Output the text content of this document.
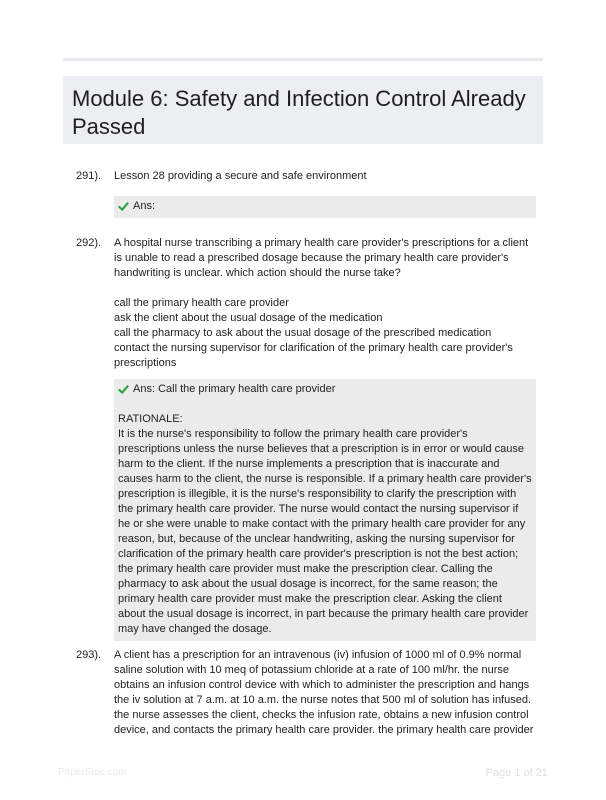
Module 6: Safety and Infection Control Already Passed
291). Lesson 28 providing a secure and safe environment

Ans:
292). A hospital nurse transcribing a primary health care provider's prescriptions for a client is unable to read a prescribed dosage because the primary health care provider's handwriting is unclear. which action should the nurse take?

call the primary health care provider
ask the client about the usual dosage of the medication
call the pharmacy to ask about the usual dosage of the prescribed medication
contact the nursing supervisor for clarification of the primary health care provider's prescriptions
Ans: Call the primary health care provider
RATIONALE:

It is the nurse's responsibility to follow the primary health care provider's prescriptions unless the nurse believes that a prescription is in error or would cause harm to the client. If the nurse implements a prescription that is inaccurate and causes harm to the client, the nurse is responsible. If a primary health care provider's prescription is illegible, it is the nurse's responsibility to clarify the prescription with the primary health care provider. The nurse would contact the nursing supervisor if he or she were unable to make contact with the primary health care provider for any reason, but, because of the unclear handwriting, asking the nursing supervisor for clarification of the primary health care provider's prescription is not the best action; the primary health care provider must make the prescription clear. Calling the pharmacy to ask about the usual dosage is incorrect, for the same reason; the primary health care provider must make the prescription clear. Asking the client about the usual dosage is incorrect, in part because the primary health care provider may have changed the dosage.

293). A client has a prescription for an intravenous (iv) infusion of 1000 ml of 0.9% normal saline solution with 10 meq of potassium chloride at a rate of 100 ml/hr. the nurse obtains an infusion control device with which to administer the prescription and hangs the iv solution at 7 a.m. at 10 a.m. the nurse notes that 500 ml of solution has infused. the nurse assesses the client, checks the infusion rate, obtains a new infusion control device, and contacts the primary health care provider. the primary health care provider

PaperStoc.com	Page 1 of 21
